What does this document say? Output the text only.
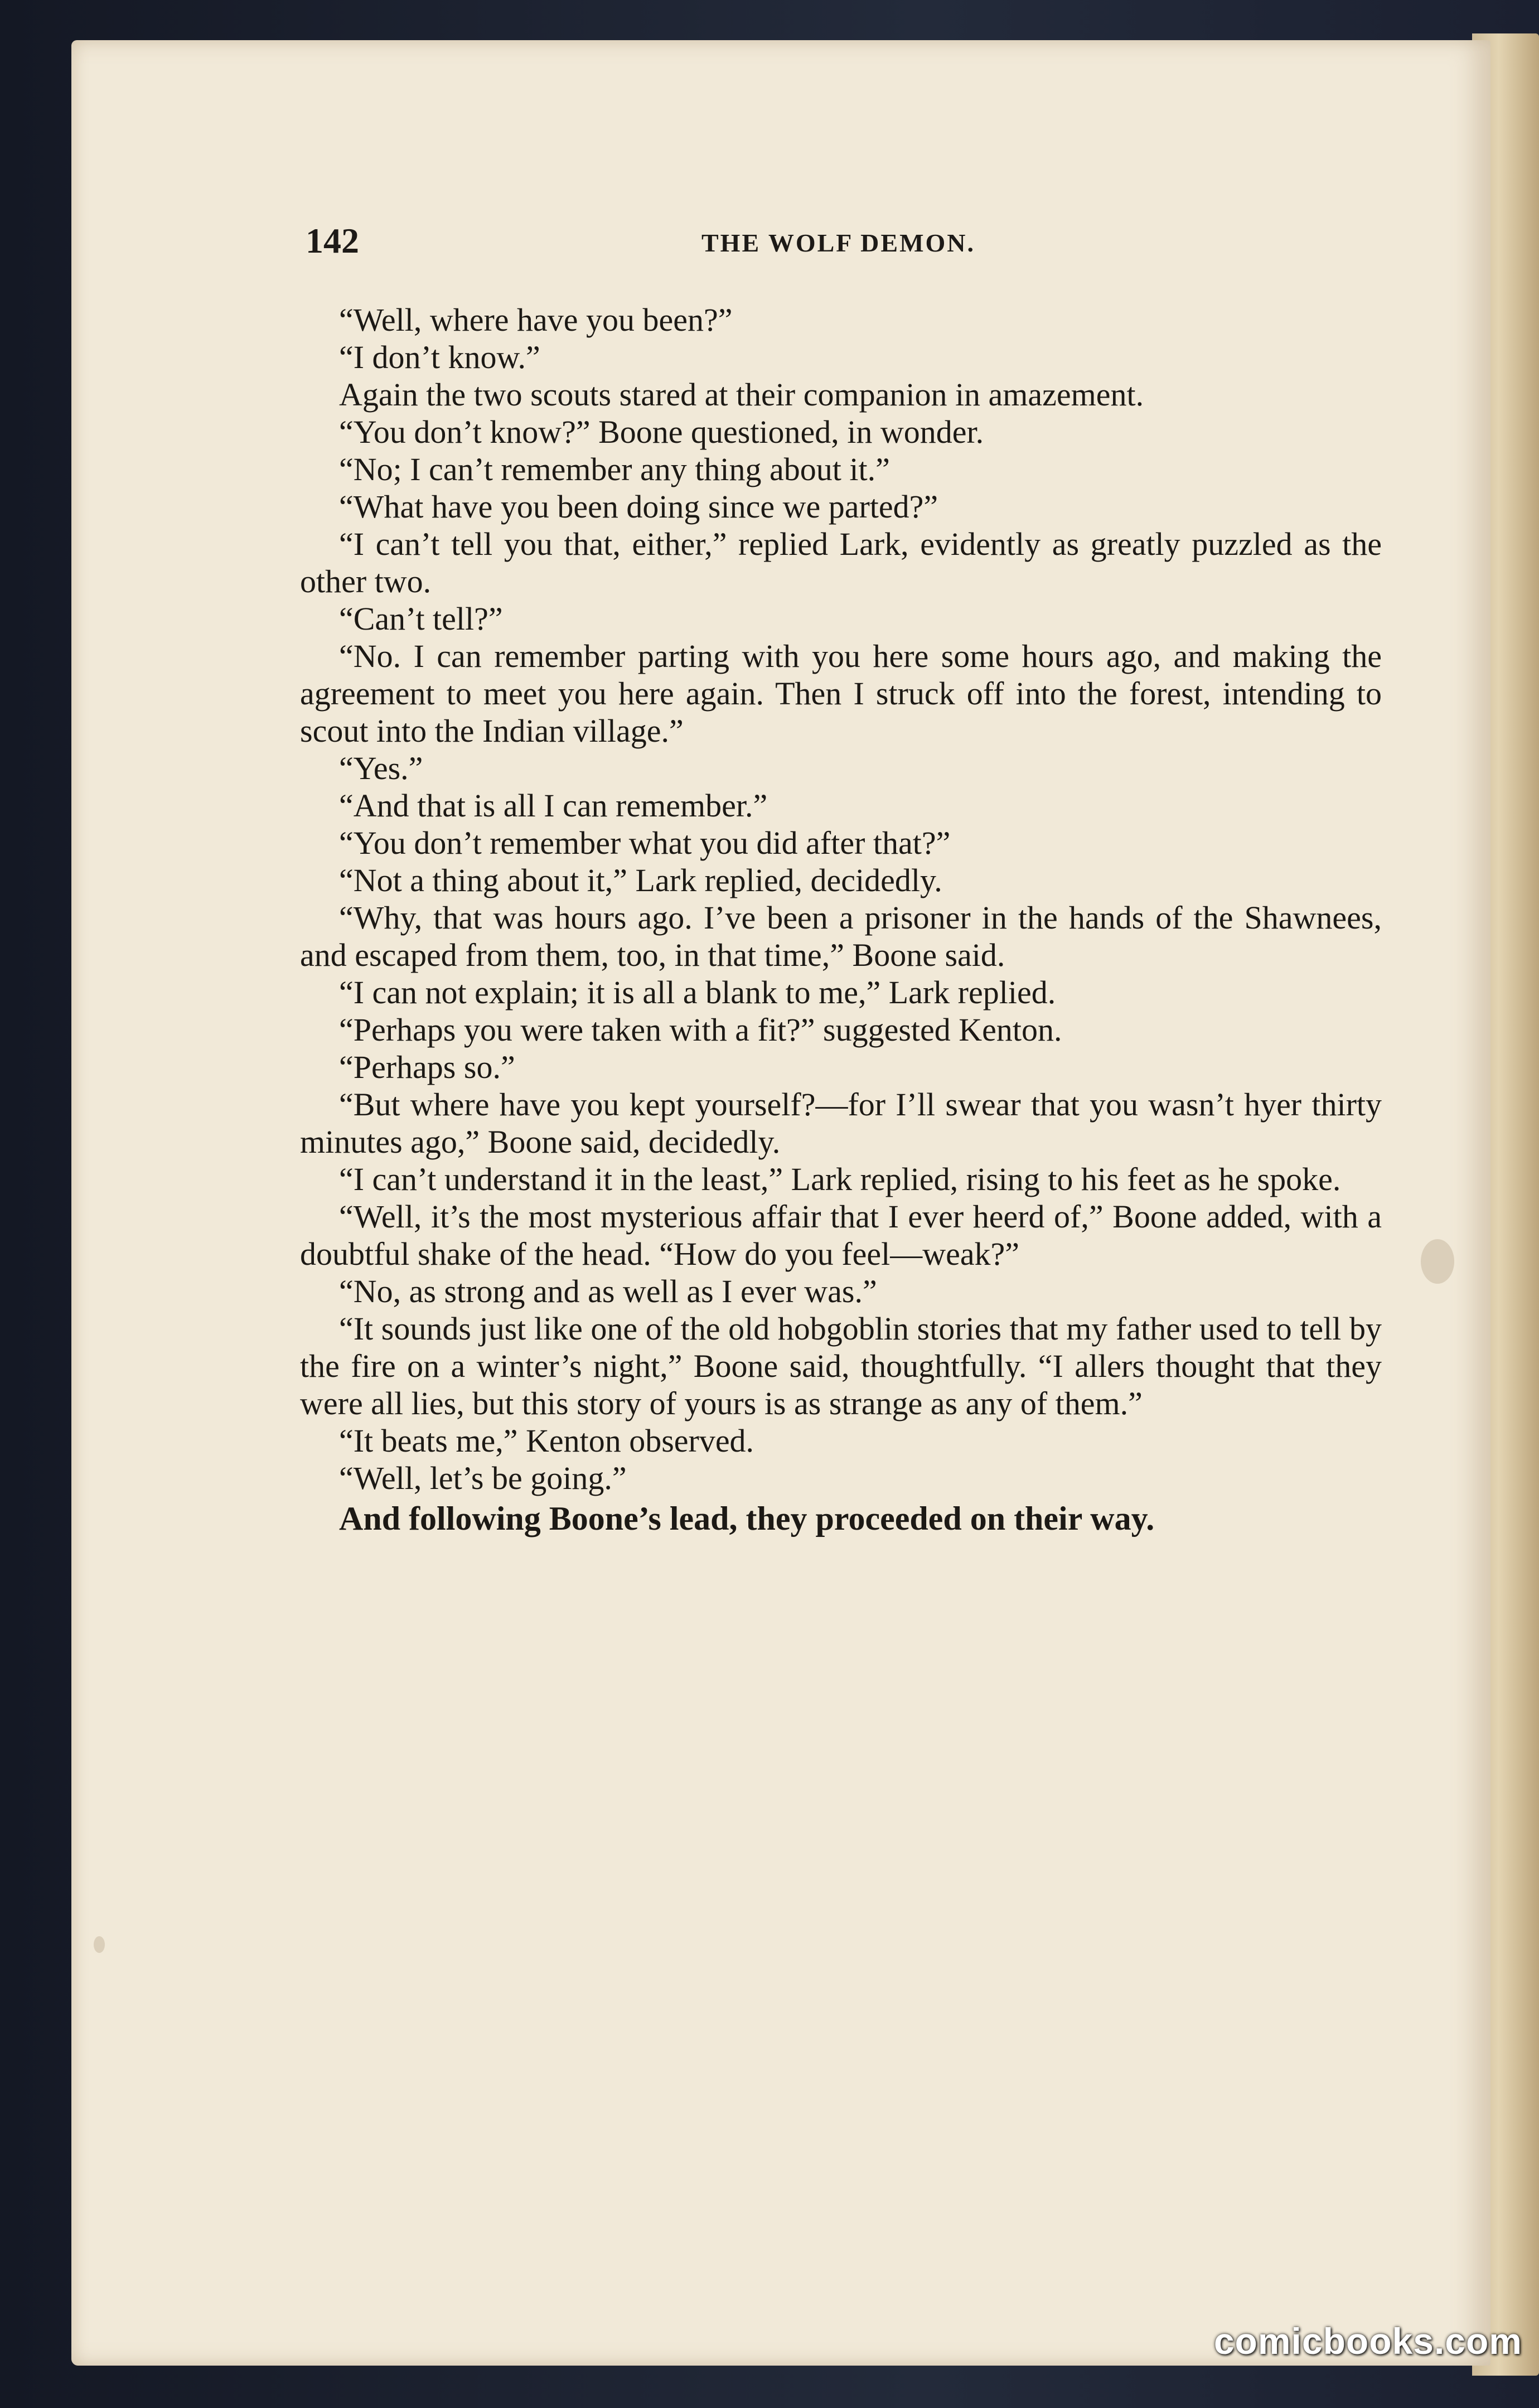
142	THE WOLF DEMON.

“Well, where have you been?”

“I don’t know.”

Again the two scouts stared at their companion in amazement.

“You don’t know?” Boone questioned, in wonder.

“No; I can’t remember any thing about it.”

“What have you been doing since we parted?”

“I can’t tell you that, either,” replied Lark, evidently as greatly puzzled as the other two.

“Can’t tell?”

“No. I can remember parting with you here some hours ago, and making the agreement to meet you here again. Then I struck off into the forest, intending to scout into the Indian village.”

“Yes.”

“And that is all I can remember.”

“You don’t remember what you did after that?”

“Not a thing about it,” Lark replied, decidedly.

“Why, that was hours ago. I’ve been a prisoner in the hands of the Shawnees, and escaped from them, too, in that time,” Boone said.

“I can not explain; it is all a blank to me,” Lark replied.

“Perhaps you were taken with a fit?” suggested Kenton.

“Perhaps so.”

“But where have you kept yourself?—for I’ll swear that you wasn’t hyer thirty minutes ago,” Boone said, decidedly.

“I can’t understand it in the least,” Lark replied, rising to his feet as he spoke.

“Well, it’s the most mysterious affair that I ever heerd of,” Boone added, with a doubtful shake of the head. “How do you feel—weak?”

“No, as strong and as well as I ever was.”

“It sounds just like one of the old hobgoblin stories that my father used to tell by the fire on a winter’s night,” Boone said, thoughtfully. “I allers thought that they were all lies, but this story of yours is as strange as any of them.”

“It beats me,” Kenton observed.

“Well, let’s be going.”

And following Boone’s lead, they proceeded on their way.

comicbooks.com
